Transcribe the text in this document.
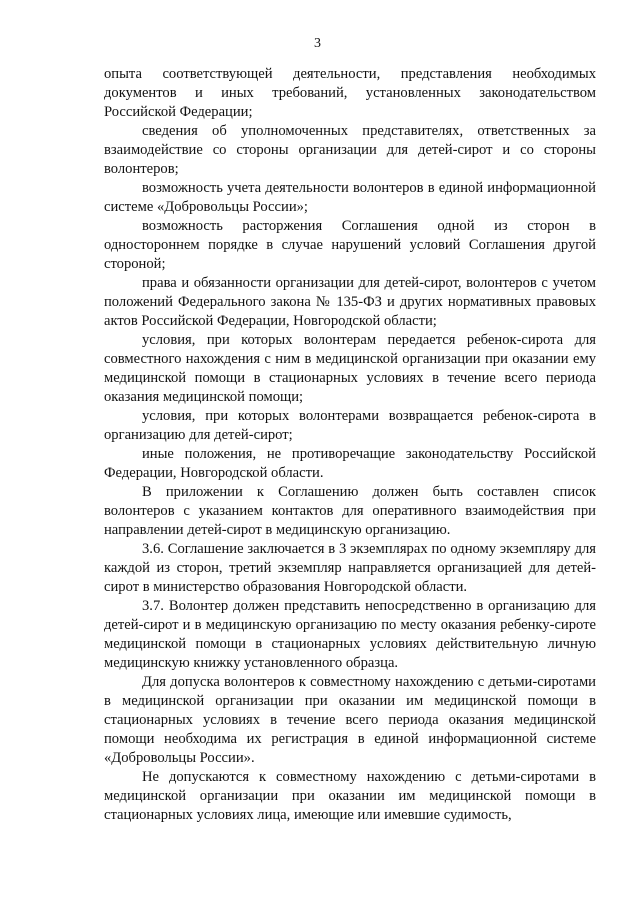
3

опыта соответствующей деятельности, представления необходимых документов и иных требований, установленных законодательством Российской Федерации;

сведения об уполномоченных представителях, ответственных за взаимодействие со стороны организации для детей-сирот и со стороны волонтеров;

возможность учета деятельности волонтеров в единой информационной системе «Добровольцы России»;

возможность расторжения Соглашения одной из сторон в одностороннем порядке в случае нарушений условий Соглашения другой стороной;

права и обязанности организации для детей-сирот, волонтеров с учетом положений Федерального закона № 135-ФЗ и других нормативных правовых актов Российской Федерации, Новгородской области;

условия, при которых волонтерам передается ребенок-сирота для совместного нахождения с ним в медицинской организации при оказании ему медицинской помощи в стационарных условиях в течение всего периода оказания медицинской помощи;

условия, при которых волонтерами возвращается ребенок-сирота в организацию для детей-сирот;

иные положения, не противоречащие законодательству Российской Федерации, Новгородской области.

В приложении к Соглашению должен быть составлен список волонтеров с указанием контактов для оперативного взаимодействия при направлении детей-сирот в медицинскую организацию.

3.6. Соглашение заключается в 3 экземплярах по одному экземпляру для каждой из сторон, третий экземпляр направляется организацией для детей-сирот в министерство образования Новгородской области.

3.7. Волонтер должен представить непосредственно в организацию для детей-сирот и в медицинскую организацию по месту оказания ребенку-сироте медицинской помощи в стационарных условиях действительную личную медицинскую книжку установленного образца.

Для допуска волонтеров к совместному нахождению с детьми-сиротами в медицинской организации при оказании им медицинской помощи в стационарных условиях в течение всего периода оказания медицинской помощи необходима их регистрация в единой информационной системе «Добровольцы России».

Не допускаются к совместному нахождению с детьми-сиротами в медицинской организации при оказании им медицинской помощи в стационарных условиях лица, имеющие или имевшие судимость,
